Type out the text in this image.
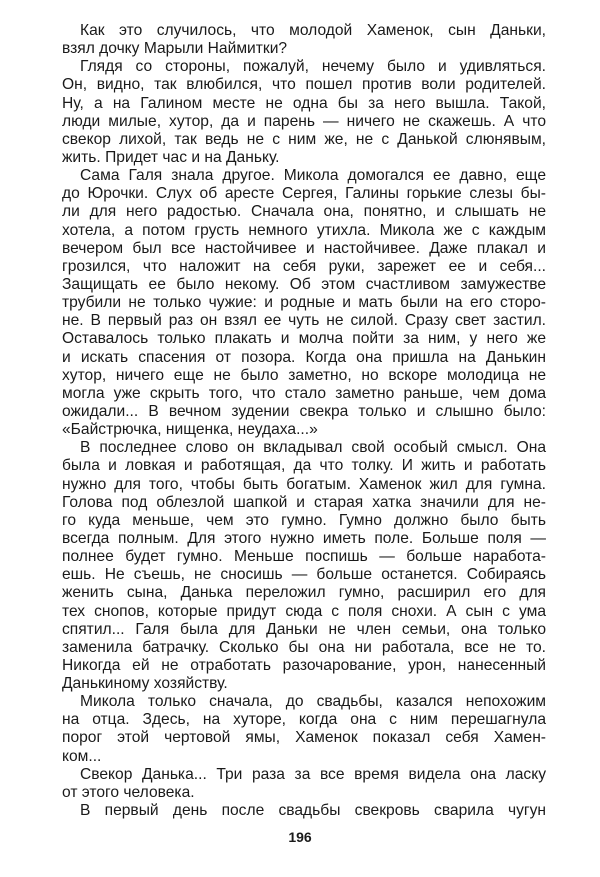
Как это случилось, что молодой Хаменок, сын Даньки,
взял дочку Марыли Наймитки?
Глядя со стороны, пожалуй, нечему было и удивляться.
Он, видно, так влюбился, что пошел против воли родителей.
Ну, а на Галином месте не одна бы за него вышла. Такой,
люди милые, хутор, да и парень — ничего не скажешь. А что
свекор лихой, так ведь не с ним же, не с Данькой слюнявым,
жить. Придет час и на Даньку.
Сама Галя знала другое. Микола домогался ее давно, еще
до Юрочки. Слух об аресте Сергея, Галины горькие слезы бы-
ли для него радостью. Сначала она, понятно, и слышать не
хотела, а потом грусть немного утихла. Микола же с каждым
вечером был все настойчивее и настойчивее. Даже плакал и
грозился, что наложит на себя руки, зарежет ее и себя...
Защищать ее было некому. Об этом счастливом замужестве
трубили не только чужие: и родные и мать были на его сторо-
не. В первый раз он взял ее чуть не силой. Сразу свет застил.
Оставалось только плакать и молча пойти за ним, у него же
и искать спасения от позора. Когда она пришла на Данькин
хутор, ничего еще не было заметно, но вскоре молодица не
могла уже скрыть того, что стало заметно раньше, чем дома
ожидали... В вечном зудении свекра только и слышно было:
«Байстрючка, нищенка, неудаха...»
В последнее слово он вкладывал свой особый смысл. Она
была и ловкая и работящая, да что толку. И жить и работать
нужно для того, чтобы быть богатым. Хаменок жил для гумна.
Голова под облезлой шапкой и старая хатка значили для не-
го куда меньше, чем это гумно. Гумно должно было быть
всегда полным. Для этого нужно иметь поле. Больше поля —
полнее будет гумно. Меньше поспишь — больше наработа-
ешь. Не съешь, не сносишь — больше останется. Собираясь
женить сына, Данька переложил гумно, расширил его для
тех снопов, которые придут сюда с поля снохи. А сын с ума
спятил... Галя была для Даньки не член семьи, она только
заменила батрачку. Сколько бы она ни работала, все не то.
Никогда ей не отработать разочарование, урон, нанесенный
Данькиному хозяйству.
Микола только сначала, до свадьбы, казался непохожим
на отца. Здесь, на хуторе, когда она с ним перешагнула
порог этой чертовой ямы, Хаменок показал себя Хамен-
ком...
Свекор Данька... Три раза за все время видела она ласку
от этого человека.
В первый день после свадьбы свекровь сварила чугун
196
